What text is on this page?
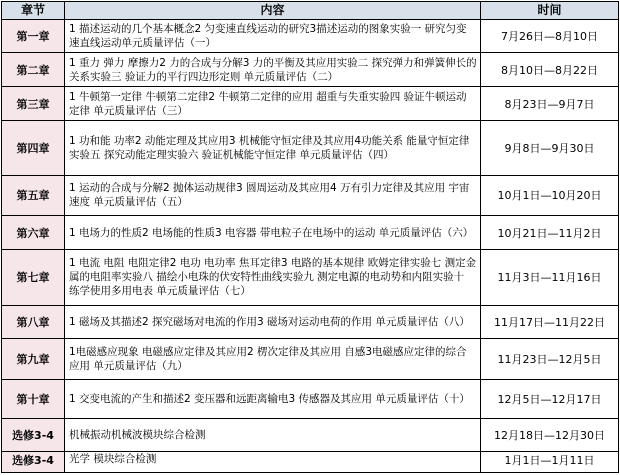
章节	内容	时间
第一章	1 描述运动的几个基本概念2 匀变速直线运动的研究3描述运动的图象实验一 研究匀变速直线运动单元质量评估（一）	7月26日—8月10日
第二章	1 重力 弹力 摩擦力2 力的合成与分解3 力的平衡及其应用实验二 探究弹力和弹簧伸长的关系实验三 验证力的平行四边形定则 单元质量评估（二）	8月10日—8月22日
第三章	1 牛顿第一定律 牛顿第二定律2 牛顿第二定律的应用 超重与失重实验四 验证牛顿运动定律 单元质量评估（三）	8月23日—9月7日
第四章	1 功和能 功率2 动能定理及其应用3 机械能守恒定律及其应用4功能关系 能量守恒定律实验五 探究动能定理实验六 验证机械能守恒定律 单元质量评估（四）	9月8日—9月30日
第五章	1 运动的合成与分解2 抛体运动规律3 圆周运动及其应用4 万有引力定律及其应用 宇宙速度 单元质量评估（五）	10月1日—10月20日
第六章	1 电场力的性质2 电场能的性质3 电容器 带电粒子在电场中的运动 单元质量评估（六）	10月21日—11月2日
第七章	1 电流 电阻 电阻定律2 电功 电功率 焦耳定律3 电路的基本规律 欧姆定律实验七 测定金属的电阻率实验八 描绘小电珠的伏安特性曲线实验九 测定电源的电动势和内阻实验十 练学使用多用电表 单元质量评估（七）	11月3日—11月16日
第八章	1 磁场及其描述2 探究磁场对电流的作用3 磁场对运动电荷的作用 单元质量评估（八）	11月17日—11月22日
第九章	1电磁感应现象 电磁感应定律及其应用2 楞次定律及其应用 自感3电磁感应定律的综合应用 单元质量评估（九）	11月23日—12月5日
第十章	1 交变电流的产生和描述2 变压器和远距离输电3 传感器及其应用 单元质量评估（十）	12月5日—12月17日
选修3-4	机械振动机械波模块综合检测	12月18日—12月30日
选修3-4	光学 模块综合检测	1月1日—1月11日
